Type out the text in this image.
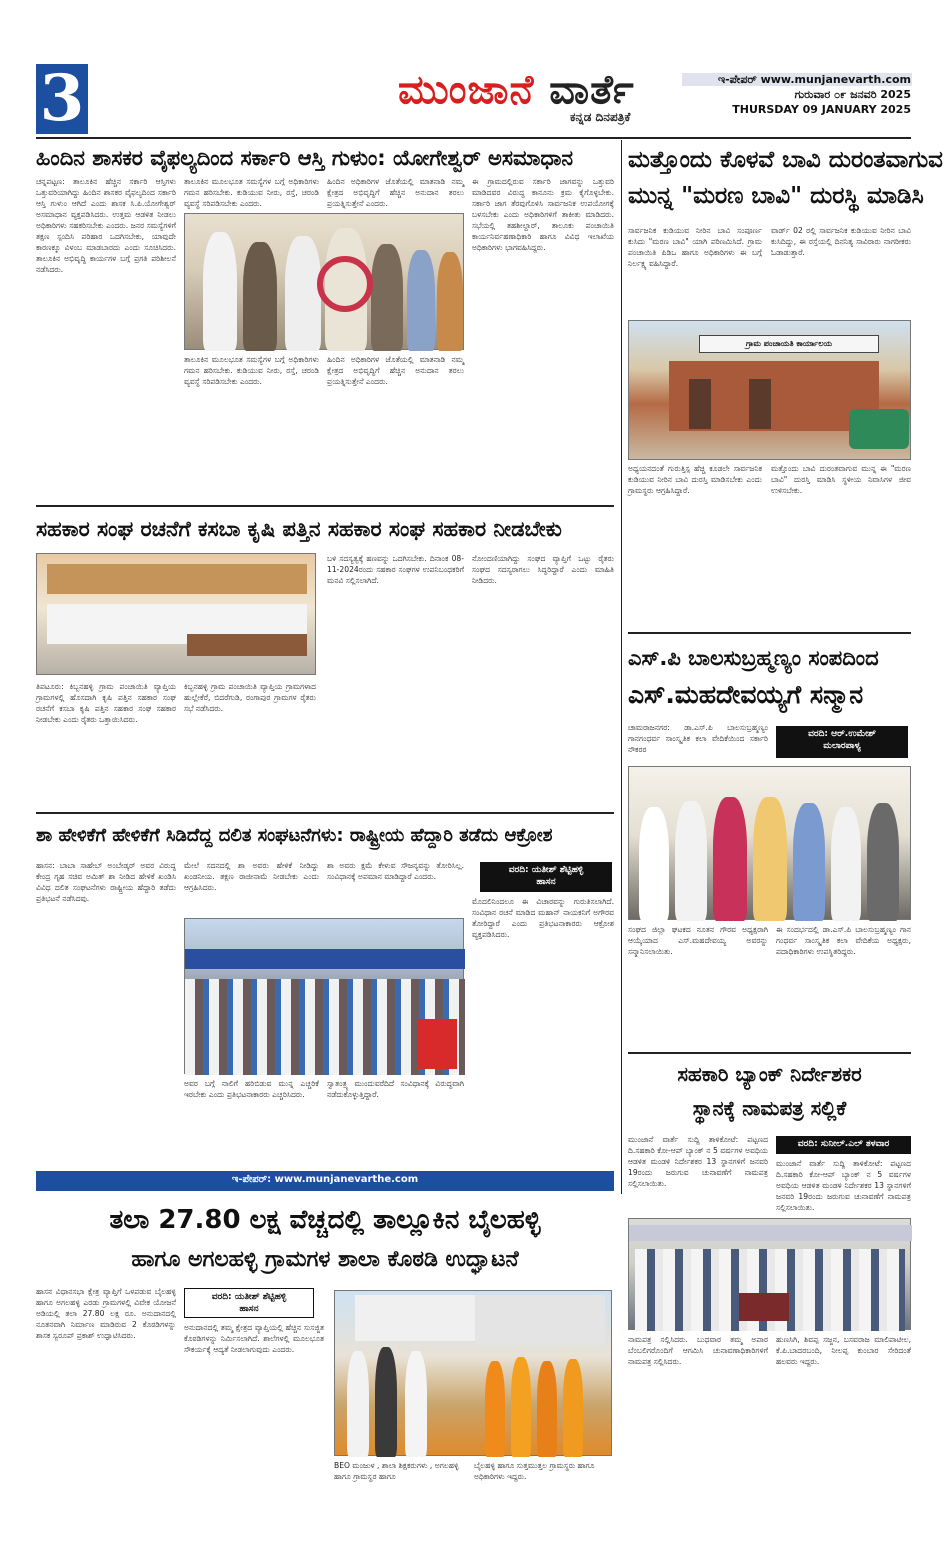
3	ಮುಂಜಾನೆ ವಾರ್ತೆ
ಕನ್ನಡ ದಿನಪತ್ರಿಕೆ
ಇ-ಪೇಪರ್ www.munjanevarth.com
ಗುರುವಾರ ೦೯ ಜನವರಿ 2025
THURSDAY 09 JANUARY 2025
ಹಿಂದಿನ ಶಾಸಕರ ವೈಫಲ್ಯದಿಂದ ಸರ್ಕಾರಿ ಆಸ್ತಿ ಗುಳುಂ: ಯೋಗೇಶ್ವರ್ ಅಸಮಾಧಾನ
ಚನ್ನಪಟ್ಟಣ: ತಾಲೂಕಿನ ಹೆಚ್ಚಿನ ಸರ್ಕಾರಿ ಆಸ್ತಿಗಳು ಒತ್ತುವರಿಯಾಗಿದ್ದು ಹಿಂದಿನ ಶಾಸಕರ ವೈಫಲ್ಯದಿಂದ ಸರ್ಕಾರಿ ಆಸ್ತಿ ಗುಳುಂ ಆಗಿದೆ ಎಂದು ಶಾಸಕ ಸಿ.ಪಿ.ಯೋಗೇಶ್ವರ್ ಅಸಮಾಧಾನ ವ್ಯಕ್ತಪಡಿಸಿದರು. ಉತ್ತಮ ಆಡಳಿತ ನೀಡಲು ಅಧಿಕಾರಿಗಳು ಸಹಕರಿಸಬೇಕು ಎಂದರು. ಜನರ ಸಮಸ್ಯೆಗಳಿಗೆ ತಕ್ಷಣ ಸ್ಪಂದಿಸಿ ಪರಿಹಾರ ಒದಗಿಸಬೇಕು, ಯಾವುದೇ ಕಾರಣಕ್ಕೂ ವಿಳಂಬ ಮಾಡಬಾರದು ಎಂದು ಸೂಚಿಸಿದರು. ತಾಲೂಕಿನ ಅಭಿವೃದ್ಧಿ ಕಾರ್ಯಗಳ ಬಗ್ಗೆ ಪ್ರಗತಿ ಪರಿಶೀಲನೆ ನಡೆಸಿದರು.
ತಾಲೂಕಿನ ಮೂಲಭೂತ ಸಮಸ್ಯೆಗಳ ಬಗ್ಗೆ ಅಧಿಕಾರಿಗಳು ಗಮನ ಹರಿಸಬೇಕು. ಕುಡಿಯುವ ನೀರು, ರಸ್ತೆ, ಚರಂಡಿ ವ್ಯವಸ್ಥೆ ಸರಿಪಡಿಸಬೇಕು ಎಂದರು.
ಹಿಂದಿನ ಅಧಿಕಾರಿಗಳ ಜೊತೆಯಲ್ಲಿ ಮಾತನಾಡಿ ನಮ್ಮ ಕ್ಷೇತ್ರದ ಅಭಿವೃದ್ಧಿಗೆ ಹೆಚ್ಚಿನ ಅನುದಾನ ತರಲು ಪ್ರಯತ್ನಿಸುತ್ತೇನೆ ಎಂದರು.
ತಾಲೂಕಿನ ಮೂಲಭೂತ ಸಮಸ್ಯೆಗಳ ಬಗ್ಗೆ ಅಧಿಕಾರಿಗಳು ಗಮನ ಹರಿಸಬೇಕು. ಕುಡಿಯುವ ನೀರು, ರಸ್ತೆ, ಚರಂಡಿ ವ್ಯವಸ್ಥೆ ಸರಿಪಡಿಸಬೇಕು ಎಂದರು.
ಹಿಂದಿನ ಅಧಿಕಾರಿಗಳ ಜೊತೆಯಲ್ಲಿ ಮಾತನಾಡಿ ನಮ್ಮ ಕ್ಷೇತ್ರದ ಅಭಿವೃದ್ಧಿಗೆ ಹೆಚ್ಚಿನ ಅನುದಾನ ತರಲು ಪ್ರಯತ್ನಿಸುತ್ತೇನೆ ಎಂದರು.
ಈ ಗ್ರಾಮದಲ್ಲಿರುವ ಸರ್ಕಾರಿ ಜಾಗವನ್ನು ಒತ್ತುವರಿ ಮಾಡಿದವರ ವಿರುದ್ಧ ಕಾನೂನು ಕ್ರಮ ಕೈಗೊಳ್ಳಬೇಕು. ಸರ್ಕಾರಿ ಜಾಗ ತೆರವುಗೊಳಿಸಿ ಸಾರ್ವಜನಿಕ ಉಪಯೋಗಕ್ಕೆ ಬಳಸಬೇಕು ಎಂದು ಅಧಿಕಾರಿಗಳಿಗೆ ತಾಕೀತು ಮಾಡಿದರು. ಸಭೆಯಲ್ಲಿ ತಹಶೀಲ್ದಾರ್, ತಾಲೂಕು ಪಂಚಾಯಿತಿ ಕಾರ್ಯನಿರ್ವಹಣಾಧಿಕಾರಿ ಹಾಗೂ ವಿವಿಧ ಇಲಾಖೆಯ ಅಧಿಕಾರಿಗಳು ಭಾಗವಹಿಸಿದ್ದರು.
ಮತ್ತೊಂದು ಕೊಳವೆ ಬಾವಿ ದುರಂತವಾಗುವ
ಮುನ್ನ "ಮರಣ ಬಾವಿ" ದುರಸ್ಥಿ ಮಾಡಿಸಿ
ಸಾರ್ವಜನಿಕ ಕುಡಿಯುವ ನೀರಿನ ಬಾವಿ ಸಂಪೂರ್ಣ ಕುಸಿದು "ಮರಣ ಬಾವಿ" ಯಾಗಿ ಪರಿಣಮಿಸಿದೆ. ಗ್ರಾಮ ಪಂಚಾಯಿತಿ ಪಿಡಿಒ ಹಾಗೂ ಅಧಿಕಾರಿಗಳು ಈ ಬಗ್ಗೆ ನಿರ್ಲಕ್ಷ್ಯ ವಹಿಸಿದ್ದಾರೆ.
ವಾರ್ಡ್ 02 ರಲ್ಲಿ ಸಾರ್ವಜನಿಕ ಕುಡಿಯುವ ನೀರಿನ ಬಾವಿ ಕುಸಿದಿದ್ದು, ಈ ರಸ್ತೆಯಲ್ಲಿ ದಿನನಿತ್ಯ ಸಾವಿರಾರು ನಾಗರೀಕರು ಓಡಾಡುತ್ತಾರೆ.
ಗ್ರಾಮ ಪಂಚಾಯತಿ ಕಾರ್ಯಾಲಯ
ಅಧ್ಯಯನದಂತೆ ಗುರುತ್ತಿಸ್ಪ ಹೆಚ್ಚಿ ಕೂಡಲೇ ಸಾರ್ವಜನಿಕ ಕುಡಿಯುವ ನೀರಿನ ಬಾವಿ ದುರಸ್ತಿ ಮಾಡಿಸಬೇಕು ಎಂದು ಗ್ರಾಮಸ್ಥರು ಆಗ್ರಹಿಸಿದ್ದಾರೆ.
ಮತ್ತೊಂದು ಬಾವಿ ದುರಂತವಾಗುವ ಮುನ್ನ ಈ "ಮರಣ ಬಾವಿ" ದುರಸ್ತಿ ಮಾಡಿಸಿ ಸ್ಥಳೀಯ ನಿವಾಸಿಗಳ ಜೀವ ಉಳಿಸಬೇಕು.
ಸಹಕಾರ ಸಂಘ ರಚನೆಗೆ ಕಸಬಾ ಕೃಷಿ ಪತ್ತಿನ ಸಹಕಾರ ಸಂಘ ಸಹಕಾರ ನೀಡಬೇಕು
ತಿಪಟೂರು: ಕಿಬ್ಬನಹಳ್ಳಿ ಗ್ರಾಮ ಪಂಚಾಯಿತಿ ವ್ಯಾಪ್ತಿಯ ಗ್ರಾಮಗಳಲ್ಲಿ ಹೊಸದಾಗಿ ಕೃಷಿ ಪತ್ತಿನ ಸಹಕಾರ ಸಂಘ ರಚನೆಗೆ ಕಸಬಾ ಕೃಷಿ ಪತ್ತಿನ ಸಹಕಾರ ಸಂಘ ಸಹಕಾರ ನೀಡಬೇಕು ಎಂದು ರೈತರು ಒತ್ತಾಯಿಸಿದರು.
ಕಿಬ್ಬನಹಳ್ಳಿ ಗ್ರಾಮ ಪಂಚಾಯಿತಿ ವ್ಯಾಪ್ತಿಯ ಗ್ರಾಮಗಳಾದ ಹುಲ್ಲೇಕೆರೆ, ಬಿದರೆಗುಡಿ, ರಂಗಾಪುರ ಗ್ರಾಮಗಳ ರೈತರು ಸಭೆ ನಡೆಸಿದರು.
ಬಳಿ ಸದಸ್ಯತ್ವಕ್ಕೆ ಹಣವನ್ನು ಒದಗಿಸಬೇಕು. ದಿನಾಂಕ 08-11-2024ರಂದು ಸಹಕಾರ ಸಂಘಗಳ ಉಪನಿಬಂಧಕರಿಗೆ ಮನವಿ ಸಲ್ಲಿಸಲಾಗಿದೆ.
ನೋಂದಣಿಯಾಗಿದ್ದು ಸಂಘದ ವ್ಯಾಪ್ತಿಗೆ ಒಟ್ಟು ರೈತರು ಸಂಘದ ಸದಸ್ಯರಾಗಲು ಸಿದ್ಧರಿದ್ದಾರೆ ಎಂದು ಮಾಹಿತಿ ನೀಡಿದರು.
ಶಾ ಹೇಳಿಕೆಗೆ ಹೇಳಿಕೆಗೆ ಸಿಡಿದೆದ್ದ ದಲಿತ ಸಂಘಟನೆಗಳು: ರಾಷ್ಟ್ರೀಯ ಹೆದ್ದಾರಿ ತಡೆದು ಆಕ್ರೋಶ
ಹಾಸನ: ಬಾಬಾ ಸಾಹೇಬ್ ಅಂಬೇಡ್ಕರ್ ಅವರ ವಿರುದ್ಧ ಕೇಂದ್ರ ಗೃಹ ಸಚಿವ ಅಮಿತ್ ಶಾ ನೀಡಿದ ಹೇಳಿಕೆ ಖಂಡಿಸಿ ವಿವಿಧ ದಲಿತ ಸಂಘಟನೆಗಳು ರಾಷ್ಟ್ರೀಯ ಹೆದ್ದಾರಿ ತಡೆದು ಪ್ರತಿಭಟನೆ ನಡೆಸಿದವು.
ಮೇಲೆ ಸದನದಲ್ಲಿ ಶಾ ಅವರು ಹೇಳಿಕೆ ನೀಡಿದ್ದು ಖಂಡನೀಯ. ತಕ್ಷಣ ರಾಜೀನಾಮೆ ನೀಡಬೇಕು ಎಂದು ಆಗ್ರಹಿಸಿದರು.
ಶಾ ಅವರು ಕ್ಷಮೆ ಕೇಳುವ ಸೌಜನ್ಯವನ್ನು ತೋರಿಸಿಲ್ಲ. ಸಂವಿಧಾನಕ್ಕೆ ಅಪಮಾನ ಮಾಡಿದ್ದಾರೆ ಎಂದರು.
ವರದಿ: ಯತೀಶ್ ಶೆಟ್ಟಿಹಳ್ಳಿ
ಹಾಸನ
ಅವರ ಬಗ್ಗೆ ನಾಲಿಗೆ ಹರಿಬಿಡುವ ಮುನ್ನ ಎಚ್ಚರಿಕೆ ಇರಬೇಕು ಎಂದು ಪ್ರತಿಭಟನಾಕಾರರು ಎಚ್ಚರಿಸಿದರು.
ಸ್ವಾತಂತ್ರ್ಯ ಮುಂದುವರೆದಿದೆ ಸಂವಿಧಾನಕ್ಕೆ ವಿರುದ್ಧವಾಗಿ ನಡೆದುಕೊಳ್ಳುತ್ತಿದ್ದಾರೆ.
ಮೊದಲಿನಿಂದಲೂ ಈ ವಿಚಾರವನ್ನು ಗುರುತಿಸಲಾಗಿದೆ. ಸಂವಿಧಾನ ರಚನೆ ಮಾಡಿದ ಮಹಾನ್ ನಾಯಕನಿಗೆ ಅಗೌರವ ತೋರಿದ್ದಾರೆ ಎಂದು ಪ್ರತಿಭಟನಾಕಾರರು ಆಕ್ರೋಶ ವ್ಯಕ್ತಪಡಿಸಿದರು.
ಇ-ಪೇಪರ್: www.munjanevarthe.com
ಎಸ್.ಪಿ ಬಾಲಸುಬ್ರಹ್ಮಣ್ಯಂ ಸಂಪದಿಂದ
ಎಸ್.ಮಹದೇವಯ್ಯಗೆ ಸನ್ಮಾನ
ಚಾಮರಾಜನಗರ: ಡಾ.ಎಸ್.ಪಿ ಬಾಲಸುಬ್ರಹ್ಮಣ್ಯಂ ಗಾನಗಂಧರ್ವ ಸಾಂಸ್ಕೃತಿಕ ಕಲಾ ವೇದಿಕೆಯಿಂದ ಸರ್ಕಾರಿ ನೌಕರರ
ವರದಿ: ಆರ್.ಉಮೇಶ್
ಮಲಾರಪಾಳ್ಯ
ಸಂಘದ ಜಿಲ್ಲಾ ಘಟಕದ ನೂತನ ಗೌರವ ಅಧ್ಯಕ್ಷರಾಗಿ ಆಯ್ಕೆಯಾದ ಎಸ್.ಮಹದೇವಯ್ಯ ಅವರನ್ನು ಸನ್ಮಾನಿಸಲಾಯಿತು.
ಈ ಸಂದರ್ಭದಲ್ಲಿ ಡಾ.ಎಸ್.ಪಿ ಬಾಲಸುಬ್ರಹ್ಮಣ್ಯಂ ಗಾನ ಗಂಧರ್ವ ಸಾಂಸ್ಕೃತಿಕ ಕಲಾ ವೇದಿಕೆಯ ಅಧ್ಯಕ್ಷರು, ಪದಾಧಿಕಾರಿಗಳು ಉಪಸ್ಥಿತರಿದ್ದರು.
ಸಹಕಾರಿ ಬ್ಯಾಂಕ್ ನಿರ್ದೇಶಕರ
ಸ್ಥಾನಕ್ಕೆ ನಾಮಪತ್ರ ಸಲ್ಲಿಕೆ
ಮುಂಜಾನೆ ವಾರ್ತೆ ಸುದ್ದಿ ತಾಳಿಕೋಟೆ: ಪಟ್ಟಣದ ದಿ.ಸಹಕಾರಿ ಕೋ-ಆಪ್ ಬ್ಯಾಂಕ್ ನ 5 ವರ್ಷಗಳ ಅವಧಿಯ ಆಡಳಿತ ಮಂಡಳಿ ನಿರ್ದೇಶಕರ 13 ಸ್ಥಾನಗಳಿಗೆ ಜನವರಿ 19ರಂದು ಜರುಗುವ ಚುನಾವಣೆಗೆ ನಾಮಪತ್ರ ಸಲ್ಲಿಸಲಾಯಿತು.
ವರದಿ: ಸುನೀಲ್.ಎಲ್ ತಳವಾರ
ಮುಂಜಾನೆ ವಾರ್ತೆ ಸುದ್ದಿ ತಾಳಿಕೋಟೆ: ಪಟ್ಟಣದ ದಿ.ಸಹಕಾರಿ ಕೋ-ಆಪ್ ಬ್ಯಾಂಕ್ ನ 5 ವರ್ಷಗಳ ಅವಧಿಯ ಆಡಳಿತ ಮಂಡಳಿ ನಿರ್ದೇಶಕರ 13 ಸ್ಥಾನಗಳಿಗೆ ಜನವರಿ 19ರಂದು ಜರುಗುವ ಚುನಾವಣೆಗೆ ನಾಮಪತ್ರ ಸಲ್ಲಿಸಲಾಯಿತು.
ನಾಮಪತ್ರ ಸಲ್ಲಿಸಿದರು. ಬುಧವಾರ ತಮ್ಮ ಅಪಾರ ಬೆಂಬಲಿಗರೊಂದಿಗೆ ಆಗಮಿಸಿ ಚುನಾವಣಾಧಿಕಾರಿಗಳಿಗೆ ನಾಮಪತ್ರ ಸಲ್ಲಿಸಿದರು.
ಹುಣಸಿಗಿ, ಶಿವಪ್ಪ ಸಜ್ಜನ, ಬಸವರಾಜ ಮಾಲಿಪಾಟೀಲ, ಕೆ.ಪಿ.ಬಾದರಬಂದಿ, ನೀಲಪ್ಪ ಕುಂಬಾರ ಸೇರಿದಂತೆ ಹಲವರು ಇದ್ದರು.
ತಲಾ 27.80 ಲಕ್ಷ ವೆಚ್ಚದಲ್ಲಿ ತಾಲ್ಲೂಕಿನ ಬೈಲಹಳ್ಳಿ
ಹಾಗೂ ಅಗಲಹಳ್ಳಿ ಗ್ರಾಮಗಳ ಶಾಲಾ ಕೊಠಡಿ ಉದ್ಘಾಟನೆ
ಹಾಸನ ವಿಧಾನಸಭಾ ಕ್ಷೇತ್ರ ವ್ಯಾಪ್ತಿಗೆ ಒಳಪಡುವ ಬೈಲಹಳ್ಳಿ ಹಾಗೂ ಅಗಲಹಳ್ಳಿ ಎರಡು ಗ್ರಾಮಗಳಲ್ಲಿ ವಿವೇಕ ಯೋಜನೆ ಅಡಿಯಲ್ಲಿ ತಲಾ 27.80 ಲಕ್ಷ ರೂ. ಅನುದಾನದಲ್ಲಿ ನೂತನವಾಗಿ ನಿರ್ಮಾಣ ಮಾಡಿರುವ 2 ಕೊಠಡಿಗಳನ್ನು ಶಾಸಕ ಸ್ವರೂಪ್ ಪ್ರಕಾಶ್ ಉದ್ಘಾಟಿಸಿದರು.
ವರದಿ: ಯತೀಶ್ ಶೆಟ್ಟಿಹಳ್ಳಿ
ಹಾಸನ
ಅನುದಾನದಲ್ಲಿ ತಮ್ಮ ಕ್ಷೇತ್ರದ ವ್ಯಾಪ್ತಿಯಲ್ಲಿ ಹೆಚ್ಚಿನ ಸುಸಜ್ಜಿತ ಕೊಠಡಿಗಳನ್ನು ನಿರ್ಮಿಸಲಾಗಿದೆ. ಶಾಲೆಗಳಲ್ಲಿ ಮೂಲಭೂತ ಸೌಕರ್ಯಕ್ಕೆ ಆದ್ಯತೆ ನೀಡಲಾಗುವುದು ಎಂದರು.
BEO ಮಂಜುಳ , ಶಾಲಾ ಶಿಕ್ಷಕರುಗಳು , ಅಗಲಹಳ್ಳಿ ಹಾಗೂ ಗ್ರಾಮಸ್ಥರ ಹಾಗೂ
ಬೈಲಹಳ್ಳಿ ಹಾಗೂ ಸುತ್ತಮುತ್ತಲ ಗ್ರಾಮಸ್ಥರು ಹಾಗೂ ಅಧಿಕಾರಿಗಳು ಇದ್ದರು.
